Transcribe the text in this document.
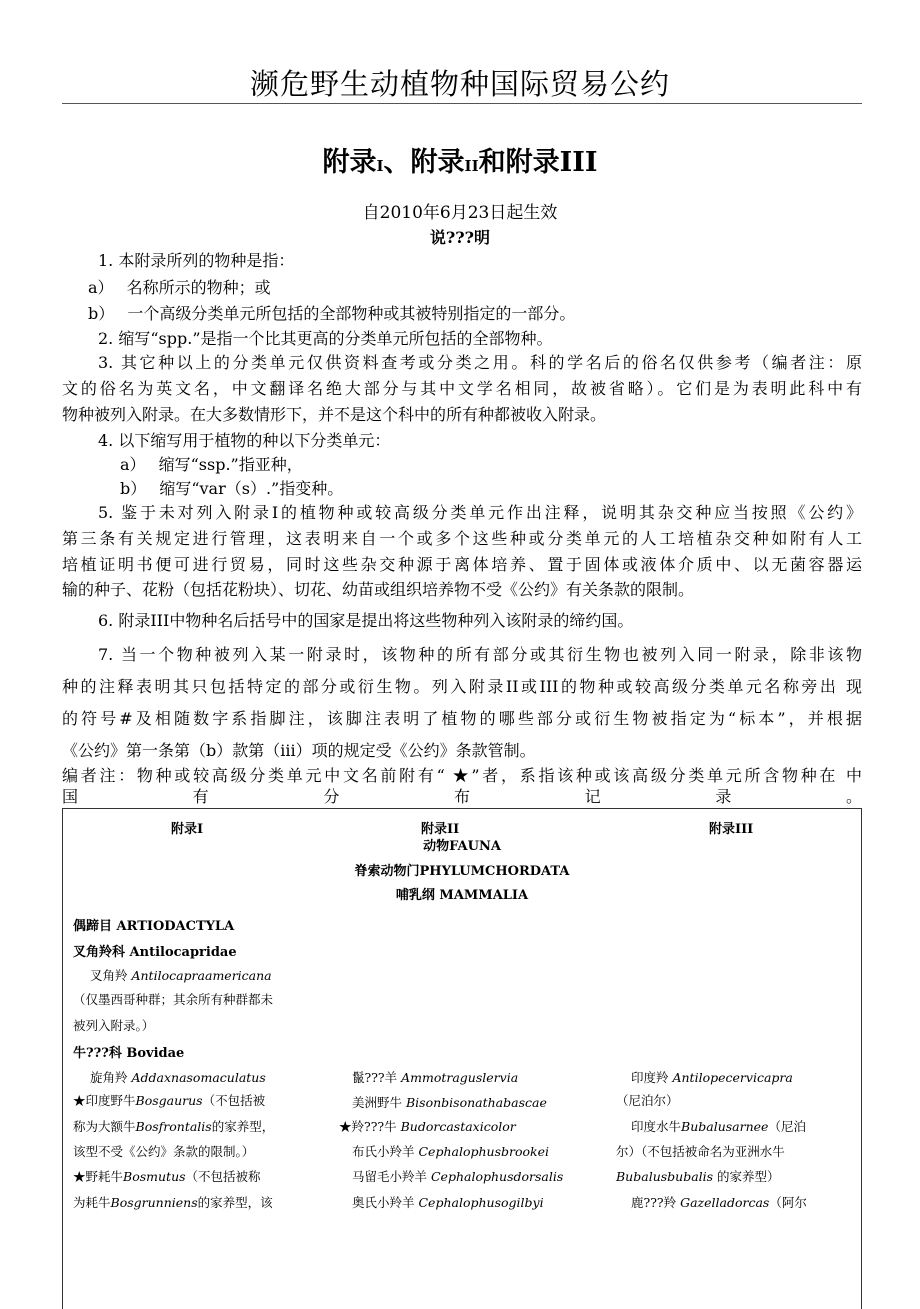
濒危野生动植物种国际贸易公约
附录I、附录II和附录III
自2010年6月23日起生效
说???明
1. 本附录所列的物种是指：
a）　 名称所示的物种；或
b）　 一个高级分类单元所包括的全部物种或其被特别指定的一部分。
2. 缩写“spp.”是指一个比其更高的分类单元所包括的全部物种。
3. 其它种以上的分类单元仅供资料查考或分类之用。科的学名后的俗名仅供参考（编者注：原
文的俗名为英文名，中文翻译名绝大部分与其中文学名相同，故被省略）。它们是为表明此科中有
物种被列入附录。在大多数情形下，并不是这个科中的所有种都被收入附录。
4. 以下缩写用于植物的种以下分类单元：
a）　 缩写“ssp.”指亚种，
b）　 缩写“var（s）.”指变种。
5. 鉴于未对列入附录I的植物种或较高级分类单元作出注释，说明其杂交种应当按照《公约》
第三条有关规定进行管理，这表明来自一个或多个这些种或分类单元的人工培植杂交种如附有人工
培植证明书便可进行贸易，同时这些杂交种源于离体培养、置于固体或液体介质中、以无菌容器运
输的种子、花粉（包括花粉块）、切花、幼苗或组织培养物不受《公约》有关条款的限制。
6. 附录III中物种名后括号中的国家是提出将这些物种列入该附录的缔约国。
7. 当一个物种被列入某一附录时，该物种的所有部分或其衍生物也被列入同一附录，除非该物
种的注释表明其只包括特定的部分或衍生物。列入附录II或III的物种或较高级分类单元名称旁出 现
的符号#及相随数字系指脚注，该脚注表明了植物的哪些部分或衍生物被指定为“标本”，并根据
《公约》第一条第（b）款第（iii）项的规定受《公约》条款管制。
编者注：物种或较高级分类单元中文名前附有“ ★”者，系指该种或该高级分类单元所含物种在 中
国　　　有　　　分　　　布　　　记　　　录　　　。
附录I	附录II	附录III
动物FAUNA
脊索动物门PHYLUMCHORDATA
哺乳纲 MAMMALIA
偶蹄目 ARTIODACTYLA
叉角羚科 Antilocapridae
叉角羚 Antilocapraamericana
（仅墨西哥种群；其余所有种群都未
被列入附录。）
牛???科 Bovidae
旋角羚 Addaxnasomaculatus
★印度野牛Bosgaurus（不包括被
称为大额牛Bosfrontalis的家养型，
该型不受《公约》条款的限制。）
★野耗牛Bosmutus（不包括被称
为耗牛Bosgrunniens的家养型，该
鬣???羊 Ammotraguslervia
美洲野牛 Bisonbisonathabascae
★羚???牛 Budorcastaxicolor
布氏小羚羊 Cephalophusbrookei
马留毛小羚羊 Cephalophusdorsalis
奥氏小羚羊 Cephalophusogilbyi
印度羚 Antilopecervicapra
（尼泊尔）
印度水牛Bubalusarnee（尼泊
尔）（不包括被命名为亚洲水牛
Bubalusbubalis 的家养型）
鹿???羚 Gazelladorcas（阿尔
